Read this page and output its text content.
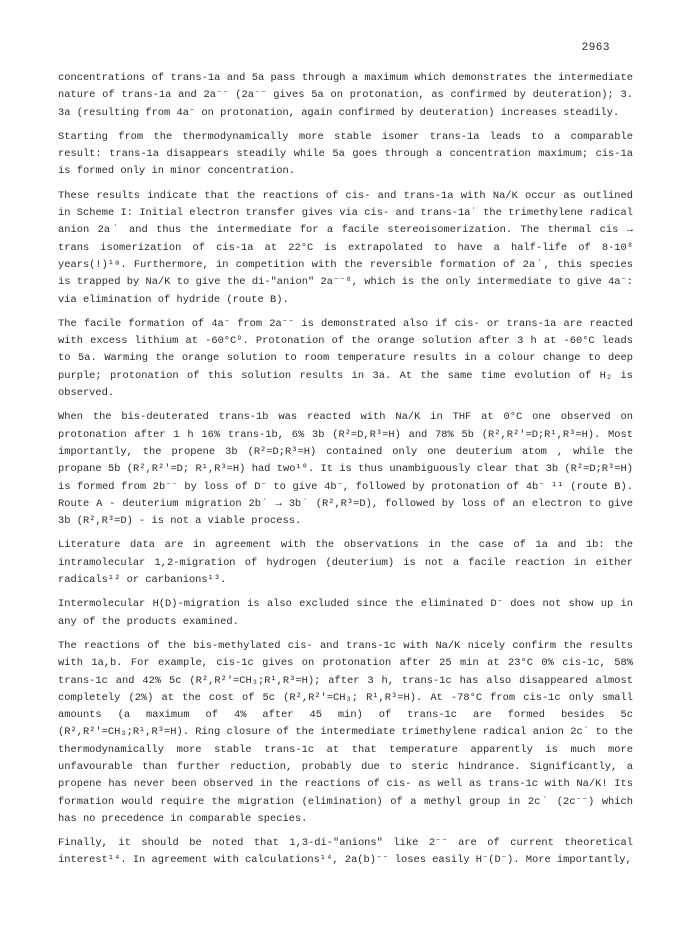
2963

concentrations of trans-1a and 5a pass through a maximum which demonstrates the intermediate nature of trans-1a and 2a⁻⁻ (2a⁻⁻ gives 5a on protonation, as confirmed by deuteration); 3. 3a (resulting from 4a⁻ on protonation, again confirmed by deuteration) increases steadily.

Starting from the thermodynamically more stable isomer trans-1a leads to a comparable result: trans-1a disappears steadily while 5a goes through a concentration maximum; cis-1a is formed only in minor concentration.

These results indicate that the reactions of cis- and trans-1a with Na/K occur as outlined in Scheme I: Initial electron transfer gives via cis- and trans-1a˙ the trimethylene radical anion 2a˙ and thus the intermediate for a facile stereoisomerization. The thermal cis → trans isomerization of cis-1a at 22°C is extrapolated to have a half-life of 8·10⁸ years(!)¹ᵃ. Furthermore, in competition with the reversible formation of 2a˙, this species is trapped by Na/K to give the di-"anion" 2a⁻⁻⁸, which is the only intermediate to give 4a⁻: via elimination of hydride (route B).

The facile formation of 4a⁻ from 2a⁻⁻ is demonstrated also if cis- or trans-1a are reacted with excess lithium at -60°C⁹. Protonation of the orange solution after 3 h at -60°C leads to 5a. Warming the orange solution to room temperature results in a colour change to deep purple; protonation of this solution results in 3a. At the same time evolution of H₂ is observed.

When the bis-deuterated trans-1b was reacted with Na/K in THF at 0°C one observed on protonation after 1 h 16% trans-1b, 6% 3b (R²=D,R³=H) and 78% 5b (R²,R²'=D;R¹,R³=H). Most importantly, the propene 3b (R²=D;R³=H) contained only one deuterium atom , while the propane 5b (R²,R²'=D; R¹,R³=H) had two¹⁰. It is thus unambiguously clear that 3b (R²=D;R³=H) is formed from 2b⁻⁻ by loss of D⁻ to give 4b⁻, followed by protonation of 4b⁻ ¹¹ (route B). Route A - deuterium migration 2b˙ → 3b˙ (R²,R³=D), followed by loss of an electron to give 3b (R²,R³=D) - is not a viable process.

Literature data are in agreement with the observations in the case of 1a and 1b: the intramolecular 1,2-migration of hydrogen (deuterium) is not a facile reaction in either radicals¹² or carbanions¹³.

Intermolecular H(D)-migration is also excluded since the eliminated D⁻ does not show up in any of the products examined.

The reactions of the bis-methylated cis- and trans-1c with Na/K nicely confirm the results with 1a,b. For example, cis-1c gives on protonation after 25 min at 23°C 0% cis-1c, 58% trans-1c and 42% 5c (R²,R²'=CH₃;R¹,R³=H); after 3 h, trans-1c has also disappeared almost completely (2%) at the cost of 5c (R²,R²'=CH₃; R¹,R³=H). At -78°C from cis-1c only small amounts (a maximum of 4% after 45 min) of trans-1c are formed besides 5c (R²,R²'=CH₃;R¹,R³=H). Ring closure of the intermediate trimethylene radical anion 2c˙ to the thermodynamically more stable trans-1c at that temperature apparently is much more unfavourable than further reduction, probably due to steric hindrance. Significantly, a propene has never been observed in the reactions of cis- as well as trans-1c with Na/K! Its formation would require the migration (elimination) of a methyl group in 2c˙ (2c⁻⁻) which has no precedence in comparable species.

Finally, it should be noted that 1,3-di-"anions" like 2⁻⁻ are of current theoretical interest¹⁴. In agreement with calculations¹⁴, 2a(b)⁻⁻ loses easily H⁻(D⁻). More importantly,
